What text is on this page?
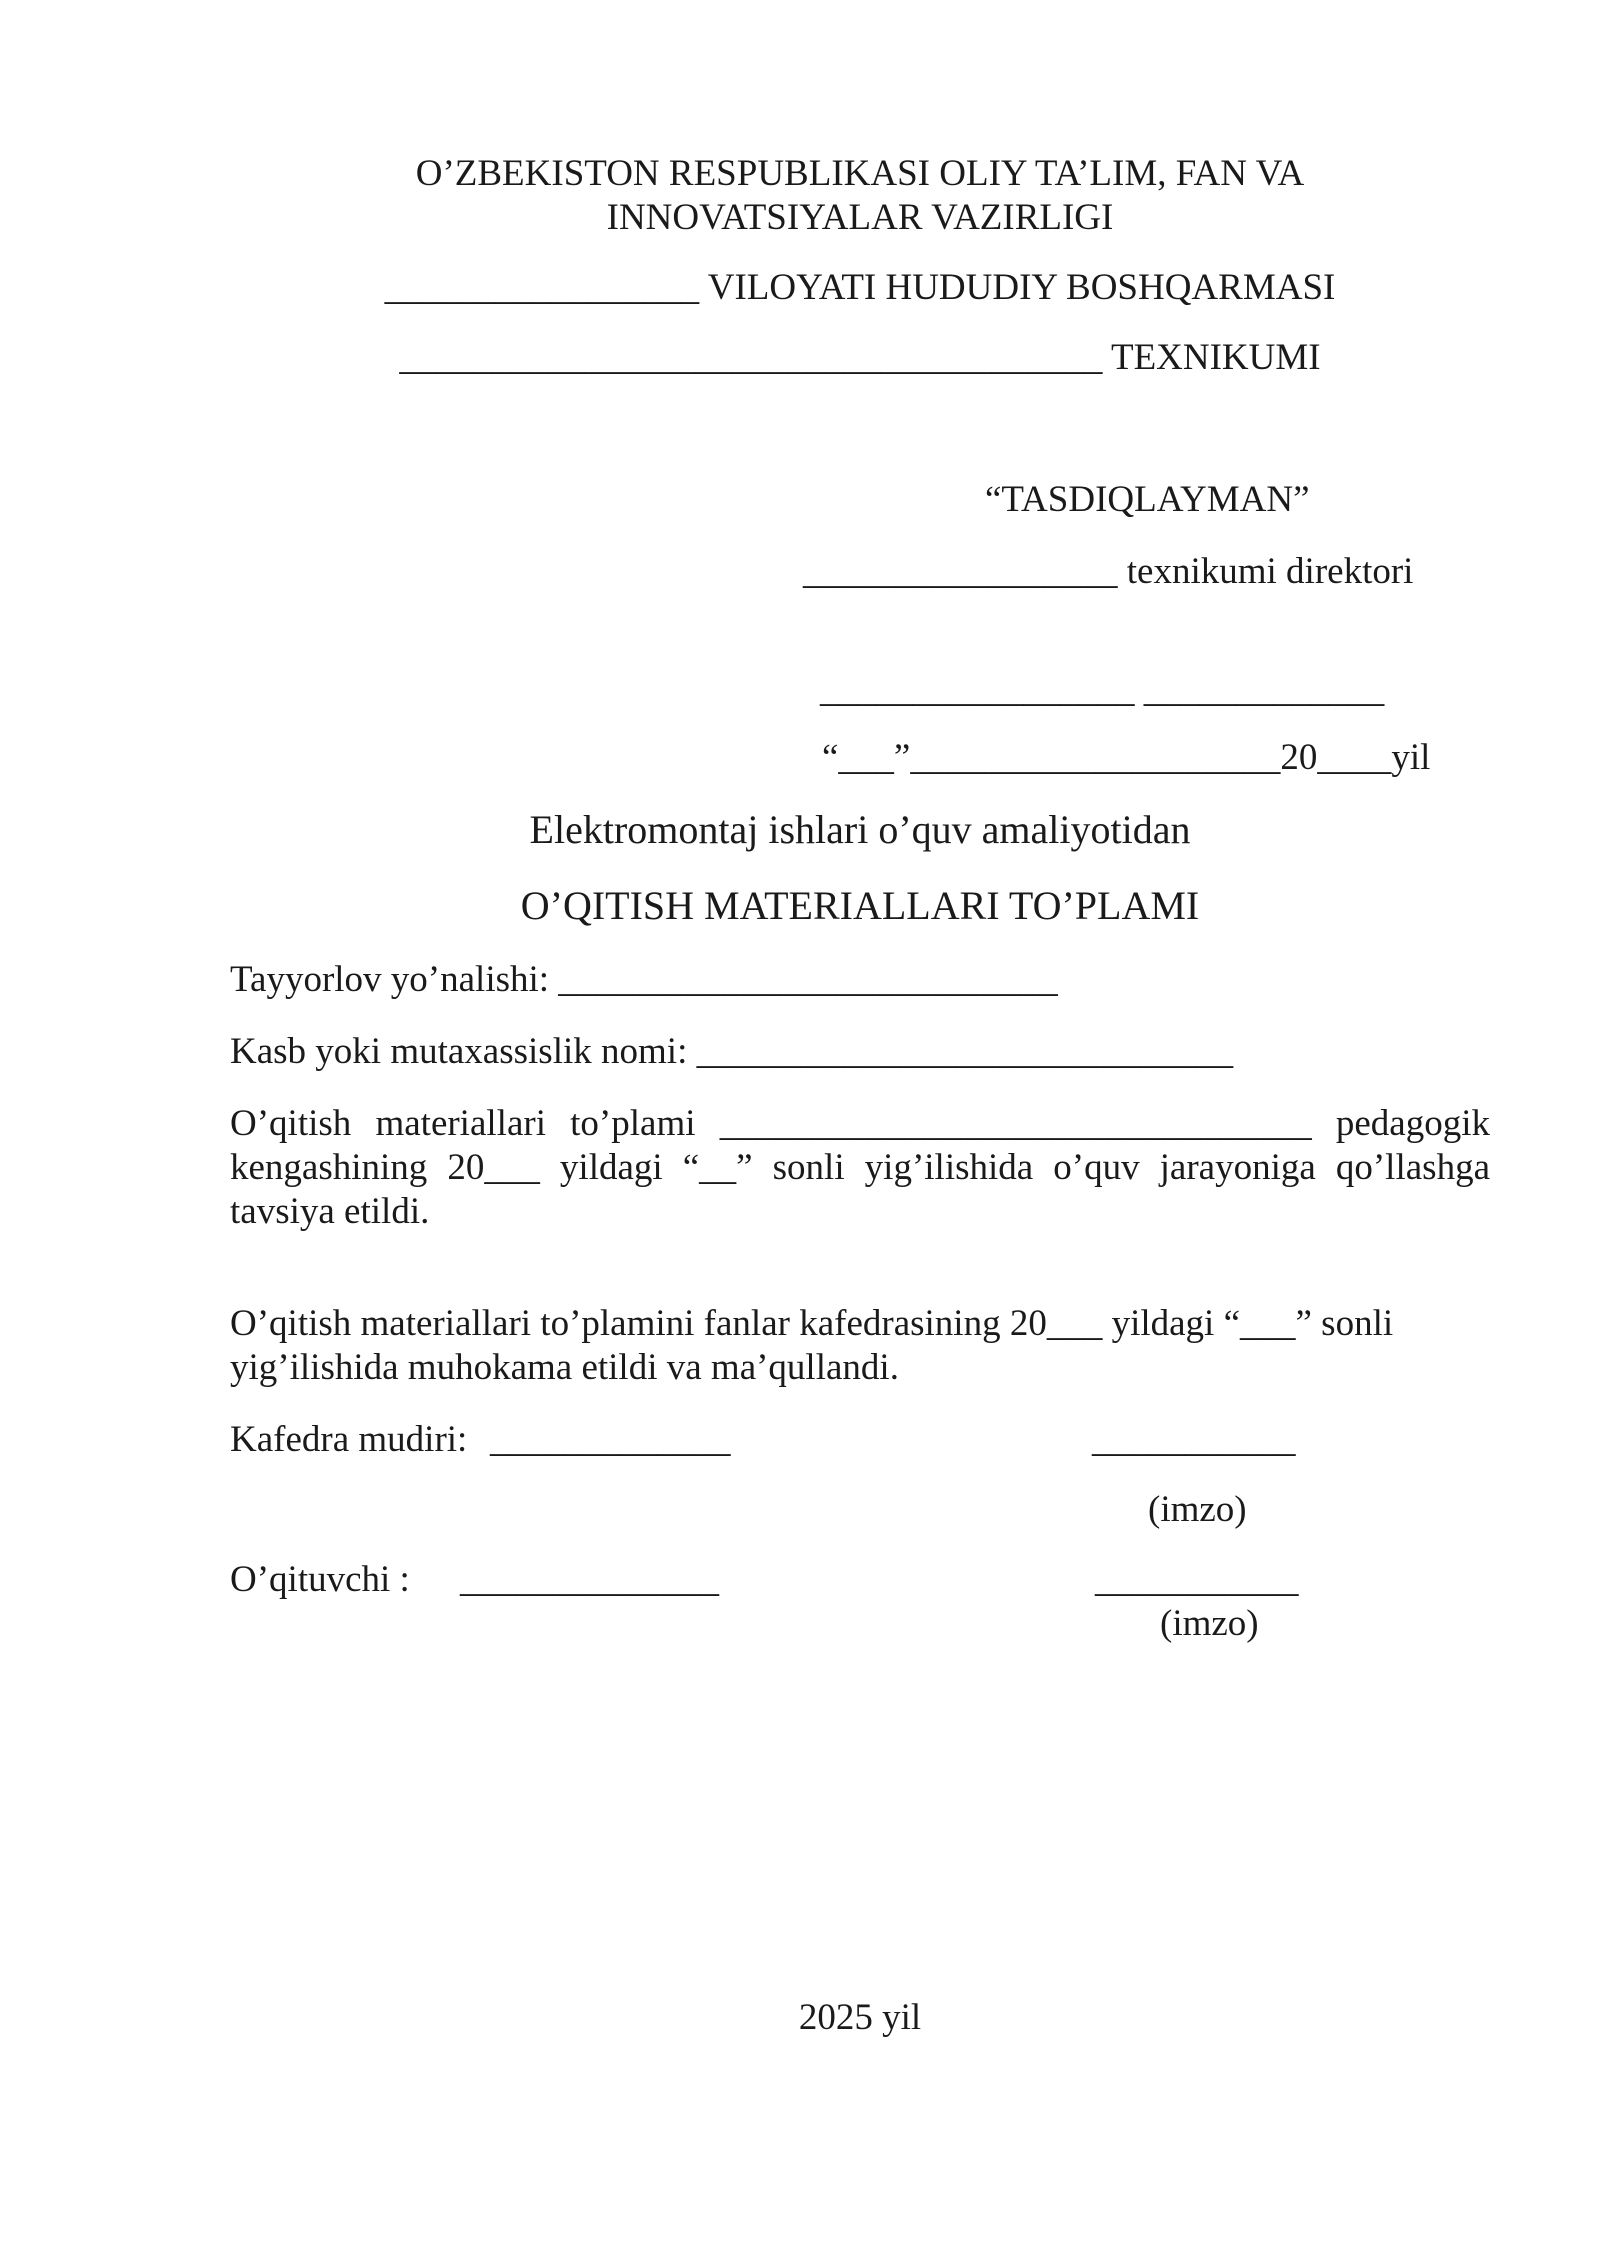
O’ZBEKISTON RESPUBLIKASI OLIY TA’LIM, FAN VA
INNOVATSIYALAR VAZIRLIGI
_________________ VILOYATI HUDUDIY BOSHQARMASI
______________________________________ TEXNIKUMI
“TASDIQLAYMAN”
_________________ texnikumi direktori
_________________ _____________
“___”____________________20____yil
Elektromontaj ishlari o’quv amaliyotidan
O’QITISH MATERIALLARI TO’PLAMI
Tayyorlov yo’nalishi: ___________________________
Kasb yoki mutaxassislik nomi: _____________________________
O’qitish materiallari to’plami ________________________________ pedagogik kengashining 20___ yildagi “__” sonli yig’ilishida o’quv jarayoniga qo’llashga tavsiya etildi.
O’qitish materiallari to’plamini fanlar kafedrasining 20___ yildagi “___” sonli yig’ilishida muhokama etildi va ma’qullandi.
Kafedra mudiri: _____________	___________
(imzo)
O’qituvchi : ______________	___________
(imzo)
2025 yil
